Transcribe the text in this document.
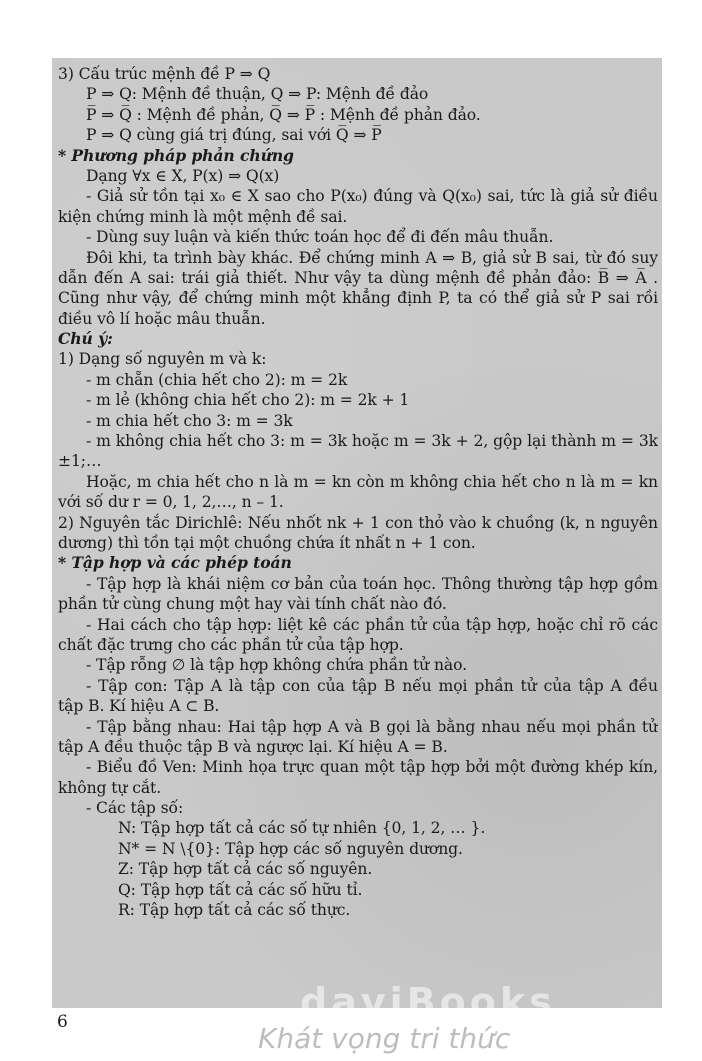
3) Cấu trúc mệnh đề P ⇒ Q
P ⇒ Q: Mệnh đề thuận, Q ⇒ P: Mệnh đề đảo
P̅ ⇒ Q̅ : Mệnh đề phản, Q̅ ⇒ P̅ : Mệnh đề phản đảo.
P ⇒ Q cùng giá trị đúng, sai với Q̅ ⇒ P̅
* Phương pháp phản chứng
Dạng ∀x ∈ X, P(x) ⇒ Q(x)
- Giả sử tồn tại x₀ ∈ X sao cho P(x₀) đúng và Q(x₀) sai, tức là giả sử điều
kiện chứng minh là một mệnh đề sai.
- Dùng suy luận và kiến thức toán học để đi đến mâu thuẫn.
Đôi khi, ta trình bày khác. Để chứng minh A ⇒ B, giả sử B sai, từ đó suy
dẫn đến A sai: trái giả thiết. Như vậy ta dùng mệnh đề phản đảo: B̅ ⇒ A̅ .
Cũng như vậy, để chứng minh một khẳng định P, ta có thể giả sử P sai rồi
điều vô lí hoặc mâu thuẫn.
Chú ý:
1) Dạng số nguyên m và k:
- m chẵn (chia hết cho 2): m = 2k
- m lẻ (không chia hết cho 2): m = 2k + 1
- m chia hết cho 3: m = 3k
- m không chia hết cho 3: m = 3k hoặc m = 3k + 2, gộp lại thành m = 3k
±1;…
Hoặc, m chia hết cho n là m = kn còn m không chia hết cho n là m = kn
với số dư r = 0, 1, 2,…, n – 1.
2) Nguyên tắc Dirichlê: Nếu nhốt nk + 1 con thỏ vào k chuồng (k, n nguyên
dương) thì tồn tại một chuồng chứa ít nhất n + 1 con.
* Tập hợp và các phép toán
- Tập hợp là khái niệm cơ bản của toán học. Thông thường tập hợp gồm
phần tử cùng chung một hay vài tính chất nào đó.
- Hai cách cho tập hợp: liệt kê các phần tử của tập hợp, hoặc chỉ rõ các
chất đặc trưng cho các phần tử của tập hợp.
- Tập rỗng ∅ là tập hợp không chứa phần tử nào.
- Tập con: Tập A là tập con của tập B nếu mọi phần tử của tập A đều
tập B. Kí hiệu A ⊂ B.
- Tập bằng nhau: Hai tập hợp A và B gọi là bằng nhau nếu mọi phần tử
tập A đều thuộc tập B và ngược lại. Kí hiệu A = B.
- Biểu đồ Ven: Minh họa trực quan một tập hợp bởi một đường khép kín,
không tự cắt.
- Các tập số:
N: Tập hợp tất cả các số tự nhiên {0, 1, 2, … }.
N* = N \{0}: Tập hợp các số nguyên dương.
Z: Tập hợp tất cả các số nguyên.
Q: Tập hợp tất cả các số hữu tỉ.
R: Tập hợp tất cả các số thực.
daviBooks
Khát vọng tri thức
6
